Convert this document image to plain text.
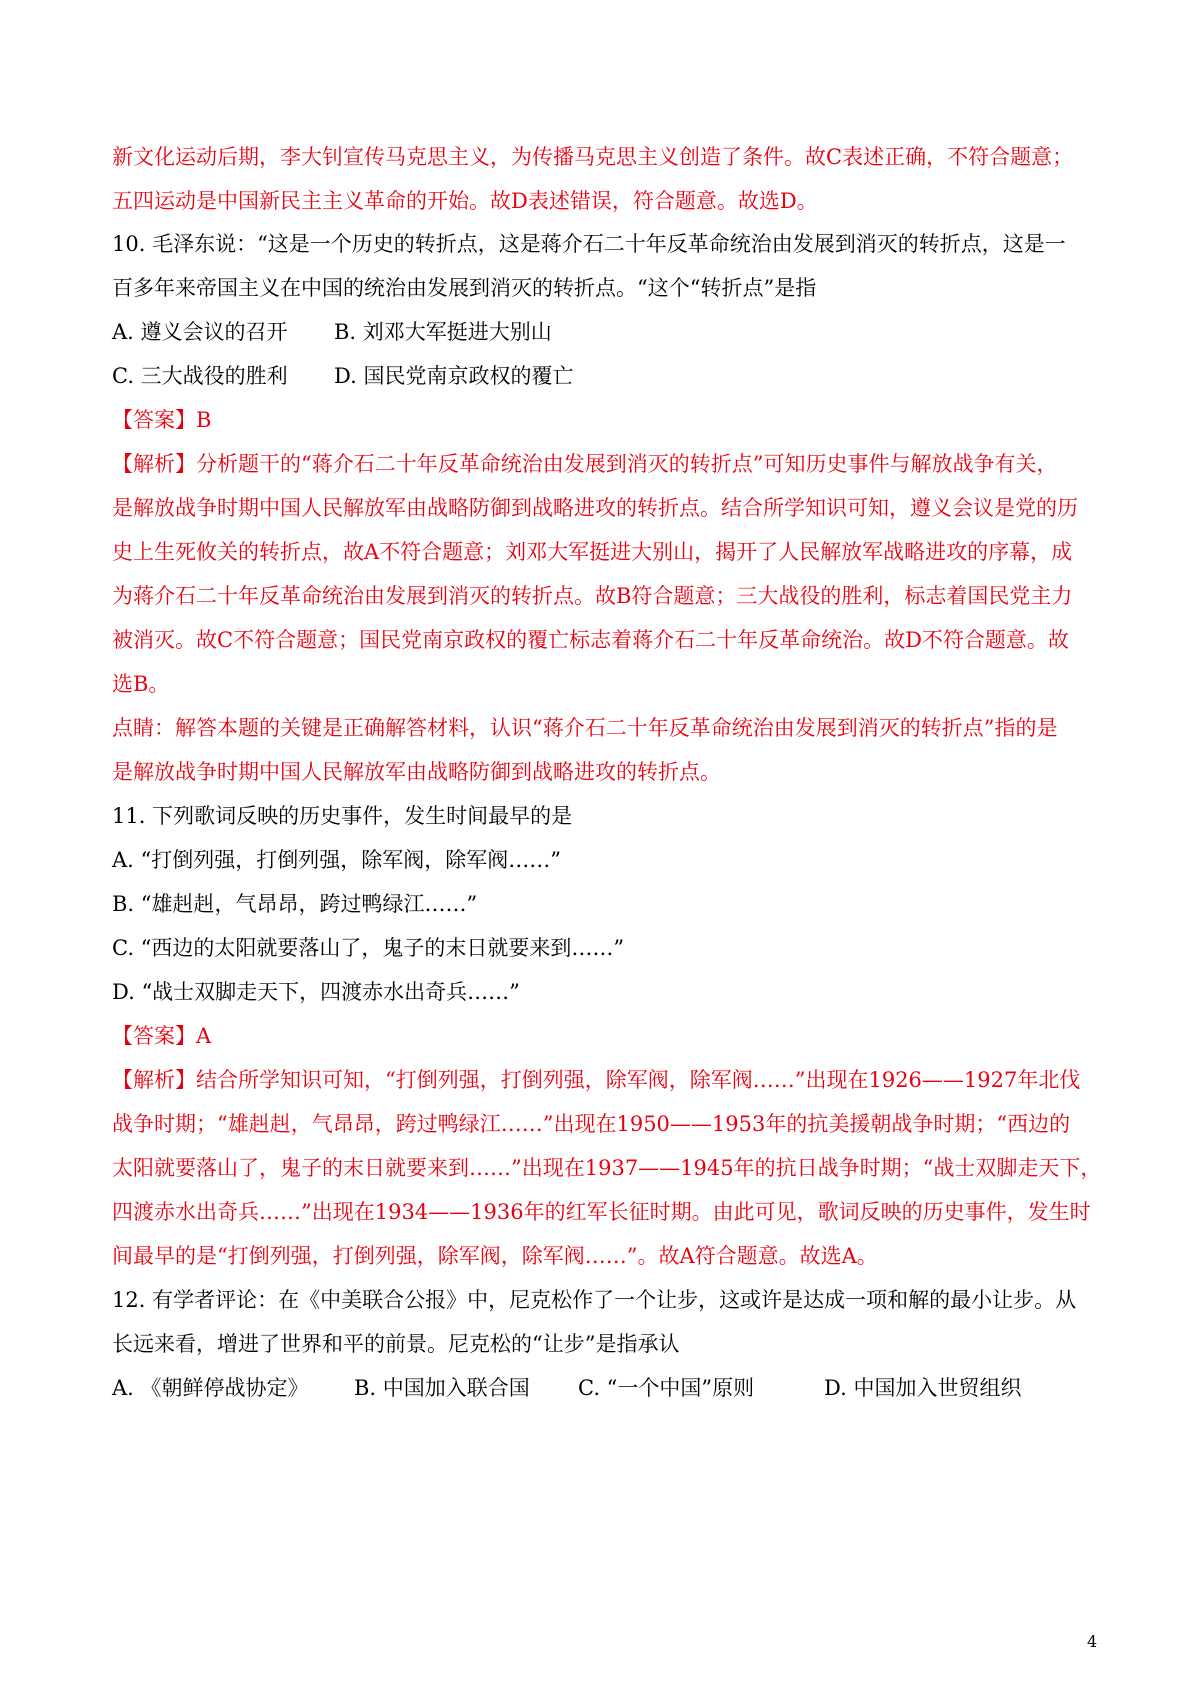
新文化运动后期，李大钊宣传马克思主义，为传播马克思主义创造了条件。故C表述正确，不符合题意；
五四运动是中国新民主主义革命的开始。故D表述错误，符合题意。故选D。
10. 毛泽东说：“这是一个历史的转折点，这是蒋介石二十年反革命统治由发展到消灭的转折点，这是一
百多年来帝国主义在中国的统治由发展到消灭的转折点。“这个“转折点”是指
A. 遵义会议的召开 B. 刘邓大军挺进大别山
C. 三大战役的胜利 D. 国民党南京政权的覆亡
【答案】B
【解析】分析题干的“蒋介石二十年反革命统治由发展到消灭的转折点”可知历史事件与解放战争有关，
是解放战争时期中国人民解放军由战略防御到战略进攻的转折点。结合所学知识可知，遵义会议是党的历
史上生死攸关的转折点，故A不符合题意；刘邓大军挺进大别山，揭开了人民解放军战略进攻的序幕，成
为蒋介石二十年反革命统治由发展到消灭的转折点。故B符合题意；三大战役的胜利，标志着国民党主力
被消灭。故C不符合题意；国民党南京政权的覆亡标志着蒋介石二十年反革命统治。故D不符合题意。故
选B。
点睛：解答本题的关键是正确解答材料，认识“蒋介石二十年反革命统治由发展到消灭的转折点”指的是
是解放战争时期中国人民解放军由战略防御到战略进攻的转折点。
11. 下列歌词反映的历史事件，发生时间最早的是
A. “打倒列强，打倒列强，除军阀，除军阀……”
B. “雄赳赳，气昂昂，跨过鸭绿江……”
C. “西边的太阳就要落山了，鬼子的末日就要来到……”
D. “战士双脚走天下，四渡赤水出奇兵……”
【答案】A
【解析】结合所学知识可知，“打倒列强，打倒列强，除军阀，除军阀……”出现在1926——1927年北伐
战争时期；“雄赳赳，气昂昂，跨过鸭绿江……”出现在1950——1953年的抗美援朝战争时期；“西边的
太阳就要落山了，鬼子的末日就要来到……”出现在1937——1945年的抗日战争时期；“战士双脚走天下，
四渡赤水出奇兵……”出现在1934——1936年的红军长征时期。由此可见，歌词反映的历史事件，发生时
间最早的是“打倒列强，打倒列强，除军阀，除军阀……”。故A符合题意。故选A。
12. 有学者评论：在《中美联合公报》中，尼克松作了一个让步，这或许是达成一项和解的最小让步。从
长远来看，增进了世界和平的前景。尼克松的“让步”是指承认
A. 《朝鲜停战协定》 B. 中国加入联合国 C. “一个中国”原则	D. 中国加入世贸组织
4
